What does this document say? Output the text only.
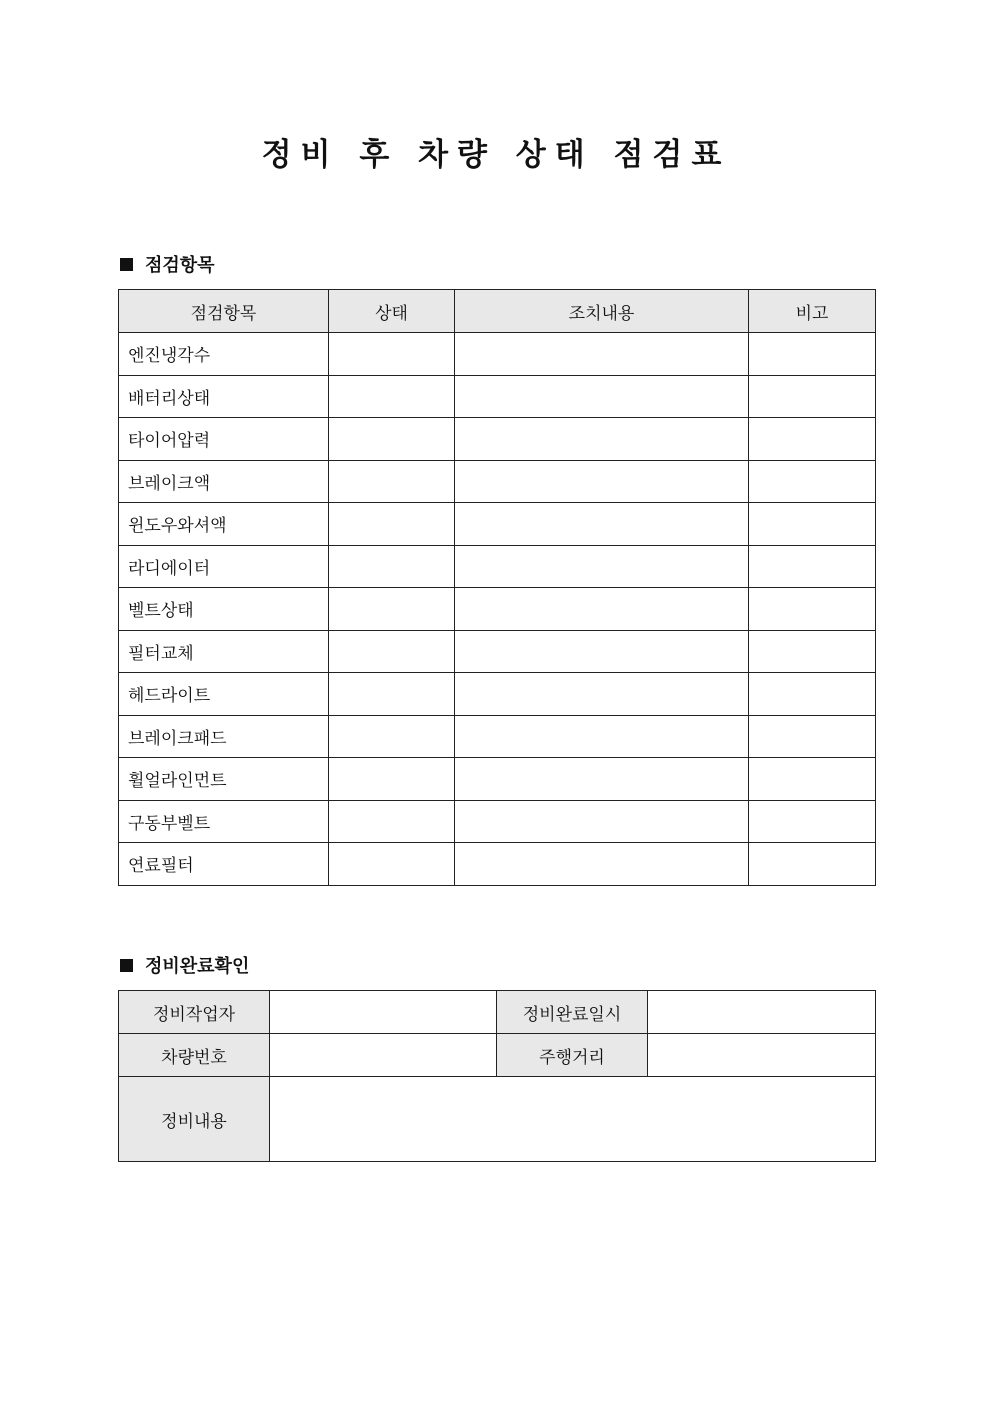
정비 후 차량 상태 점검표
점검항목
점검항목	상태	조치내용	비고
엔진냉각수			
배터리상태			
타이어압력			
브레이크액			
윈도우와셔액			
라디에이터			
벨트상태			
필터교체			
헤드라이트			
브레이크패드			
휠얼라인먼트			
구동부벨트			
연료필터			
정비완료확인
정비작업자		정비완료일시	
차량번호		주행거리	
정비내용			
